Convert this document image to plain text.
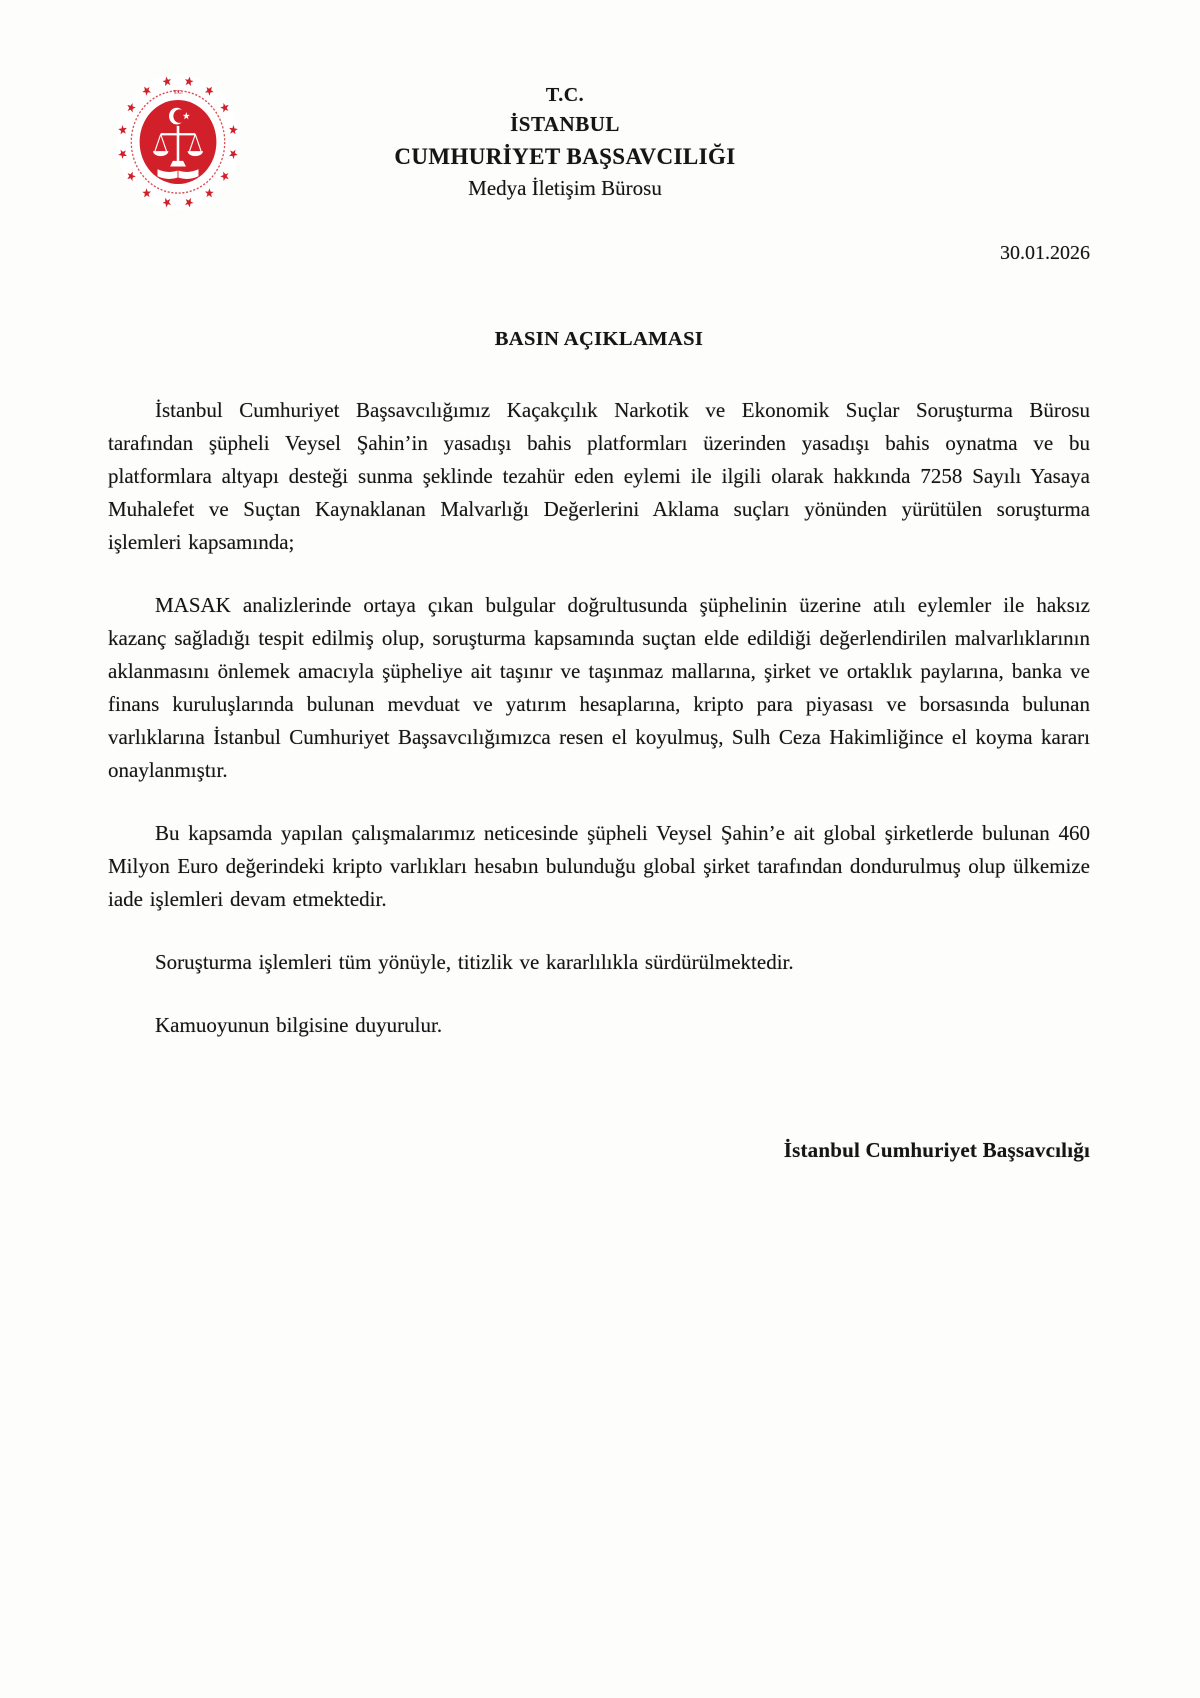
T.C.	T.C.
İSTANBUL
CUMHURİYET BAŞSAVCILIĞI
Medya İletişim Bürosu
30.01.2026
BASIN AÇIKLAMASI

İstanbul Cumhuriyet Başsavcılığımız Kaçakçılık Narkotik ve Ekonomik Suçlar Soruşturma Bürosu tarafından şüpheli Veysel Şahin’in yasadışı bahis platformları üzerinden yasadışı bahis oynatma ve bu platformlara altyapı desteği sunma şeklinde tezahür eden eylemi ile ilgili olarak hakkında 7258 Sayılı Yasaya Muhalefet ve Suçtan Kaynaklanan Malvarlığı Değerlerini Aklama suçları yönünden yürütülen soruşturma işlemleri kapsamında;

MASAK analizlerinde ortaya çıkan bulgular doğrultusunda şüphelinin üzerine atılı eylemler ile haksız kazanç sağladığı tespit edilmiş olup, soruşturma kapsamında suçtan elde edildiği değerlendirilen malvarlıklarının aklanmasını önlemek amacıyla şüpheliye ait taşınır ve taşınmaz mallarına, şirket ve ortaklık paylarına, banka ve finans kuruluşlarında bulunan mevduat ve yatırım hesaplarına, kripto para piyasası ve borsasında bulunan varlıklarına İstanbul Cumhuriyet Başsavcılığımızca resen el koyulmuş, Sulh Ceza Hakimliğince el koyma kararı onaylanmıştır.

Bu kapsamda yapılan çalışmalarımız neticesinde şüpheli Veysel Şahin’e ait global şirketlerde bulunan 460 Milyon Euro değerindeki kripto varlıkları hesabın bulunduğu global şirket tarafından dondurulmuş olup ülkemize iade işlemleri devam etmektedir.

Soruşturma işlemleri tüm yönüyle, titizlik ve kararlılıkla sürdürülmektedir.

Kamuoyunun bilgisine duyurulur.

İstanbul Cumhuriyet Başsavcılığı
